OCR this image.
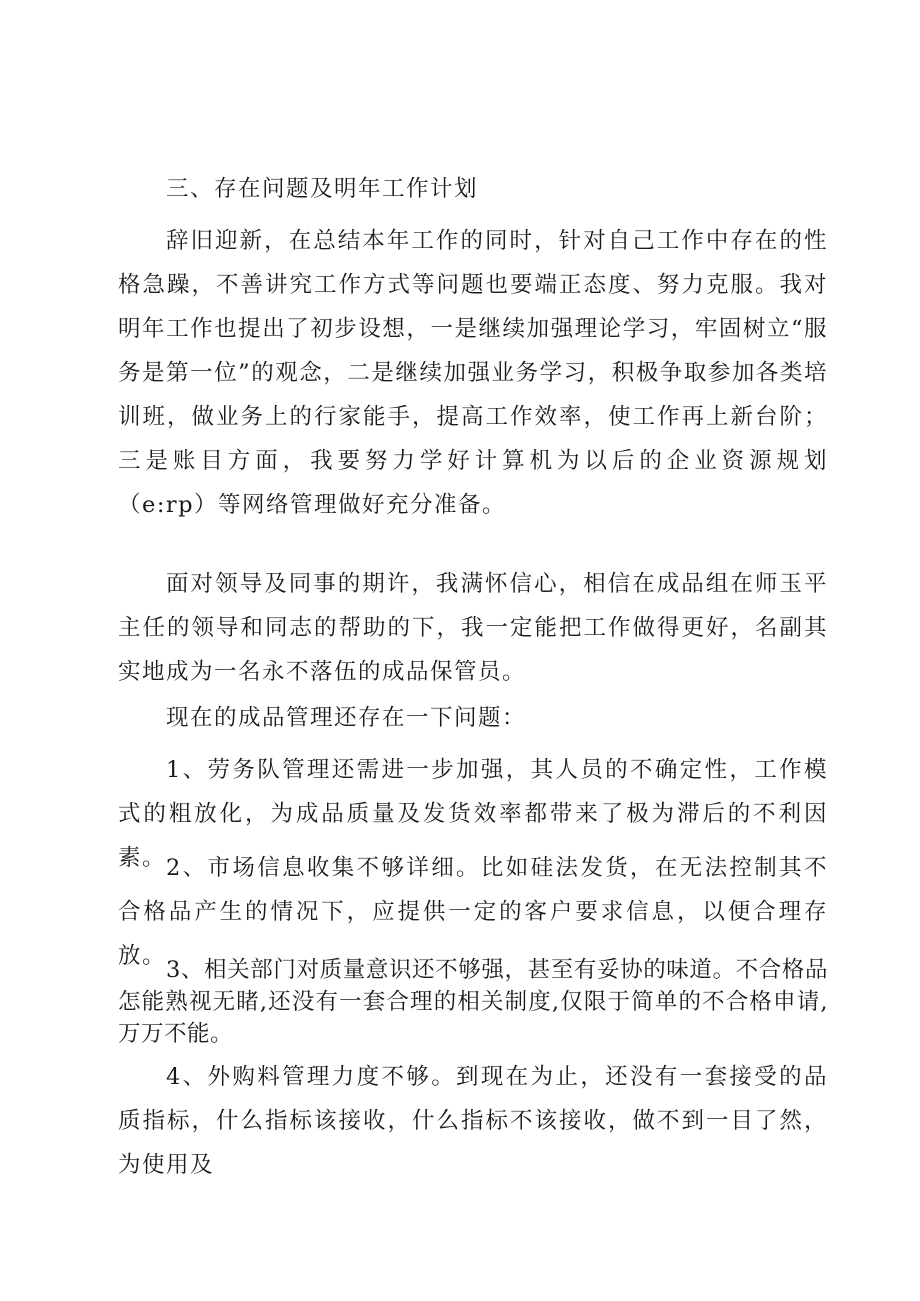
三、存在问题及明年工作计划

辞旧迎新，在总结本年工作的同时，针对自己工作中存在的性格急躁，不善讲究工作方式等问题也要端正态度、努力克服。我对明年工作也提出了初步设想，一是继续加强理论学习，牢固树立“服务是第一位”的观念，二是继续加强业务学习，积极争取参加各类培训班，做业务上的行家能手，提高工作效率，使工作再上新台阶；三是账目方面，我要努力学好计算机为以后的企业资源规划（e:rp）等网络管理做好充分准备。

面对领导及同事的期许，我满怀信心，相信在成品组在师玉平主任的领导和同志的帮助的下，我一定能把工作做得更好，名副其实地成为一名永不落伍的成品保管员。

现在的成品管理还存在一下问题：

1、劳务队管理还需进一步加强，其人员的不确定性，工作模式的粗放化，为成品质量及发货效率都带来了极为滞后的不利因素。 2、市场信息收集不够详细。比如硅法发货，在无法控制其不合格品产生的情况下，应提供一定的客户要求信息，以便合理存放。

3、相关部门对质量意识还不够强，甚至有妥协的味道。不合格品怎能熟视无睹,还没有一套合理的相关制度,仅限于简单的不合格申请,万万不能。

4、外购料管理力度不够。到现在为止，还没有一套接受的品质指标，什么指标该接收，什么指标不该接收，做不到一目了然，为使用及
